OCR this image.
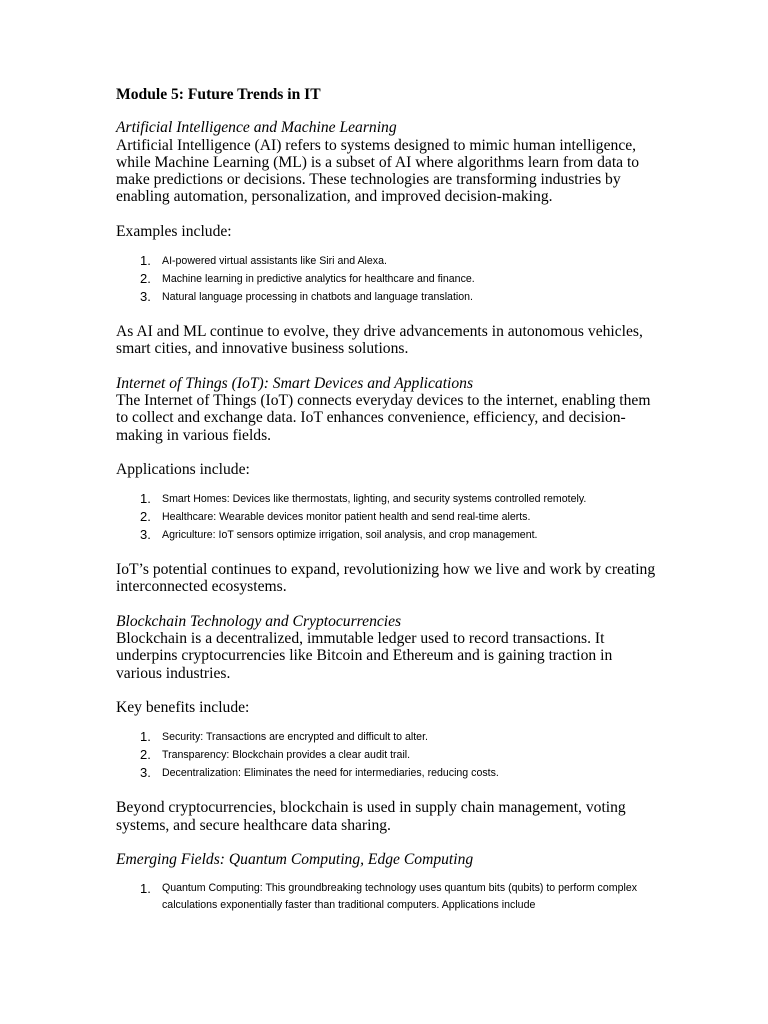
Module 5: Future Trends in IT

Artificial Intelligence and Machine Learning

Artificial Intelligence (AI) refers to systems designed to mimic human intelligence, while Machine Learning (ML) is a subset of AI where algorithms learn from data to make predictions or decisions. These technologies are transforming industries by enabling automation, personalization, and improved decision-making.

Examples include:

1. AI-powered virtual assistants like Siri and Alexa.
2. Machine learning in predictive analytics for healthcare and finance.
3. Natural language processing in chatbots and language translation.

As AI and ML continue to evolve, they drive advancements in autonomous vehicles, smart cities, and innovative business solutions.

Internet of Things (IoT): Smart Devices and Applications

The Internet of Things (IoT) connects everyday devices to the internet, enabling them to collect and exchange data. IoT enhances convenience, efficiency, and decision-making in various fields.

Applications include:

1. Smart Homes: Devices like thermostats, lighting, and security systems controlled remotely.
2. Healthcare: Wearable devices monitor patient health and send real-time alerts.
3. Agriculture: IoT sensors optimize irrigation, soil analysis, and crop management.

IoT’s potential continues to expand, revolutionizing how we live and work by creating interconnected ecosystems.

Blockchain Technology and Cryptocurrencies

Blockchain is a decentralized, immutable ledger used to record transactions. It underpins cryptocurrencies like Bitcoin and Ethereum and is gaining traction in various industries.

Key benefits include:

1. Security: Transactions are encrypted and difficult to alter.
2. Transparency: Blockchain provides a clear audit trail.
3. Decentralization: Eliminates the need for intermediaries, reducing costs.

Beyond cryptocurrencies, blockchain is used in supply chain management, voting systems, and secure healthcare data sharing.

Emerging Fields: Quantum Computing, Edge Computing

1. Quantum Computing: This groundbreaking technology uses quantum bits (qubits) to perform complex calculations exponentially faster than traditional computers. Applications include
